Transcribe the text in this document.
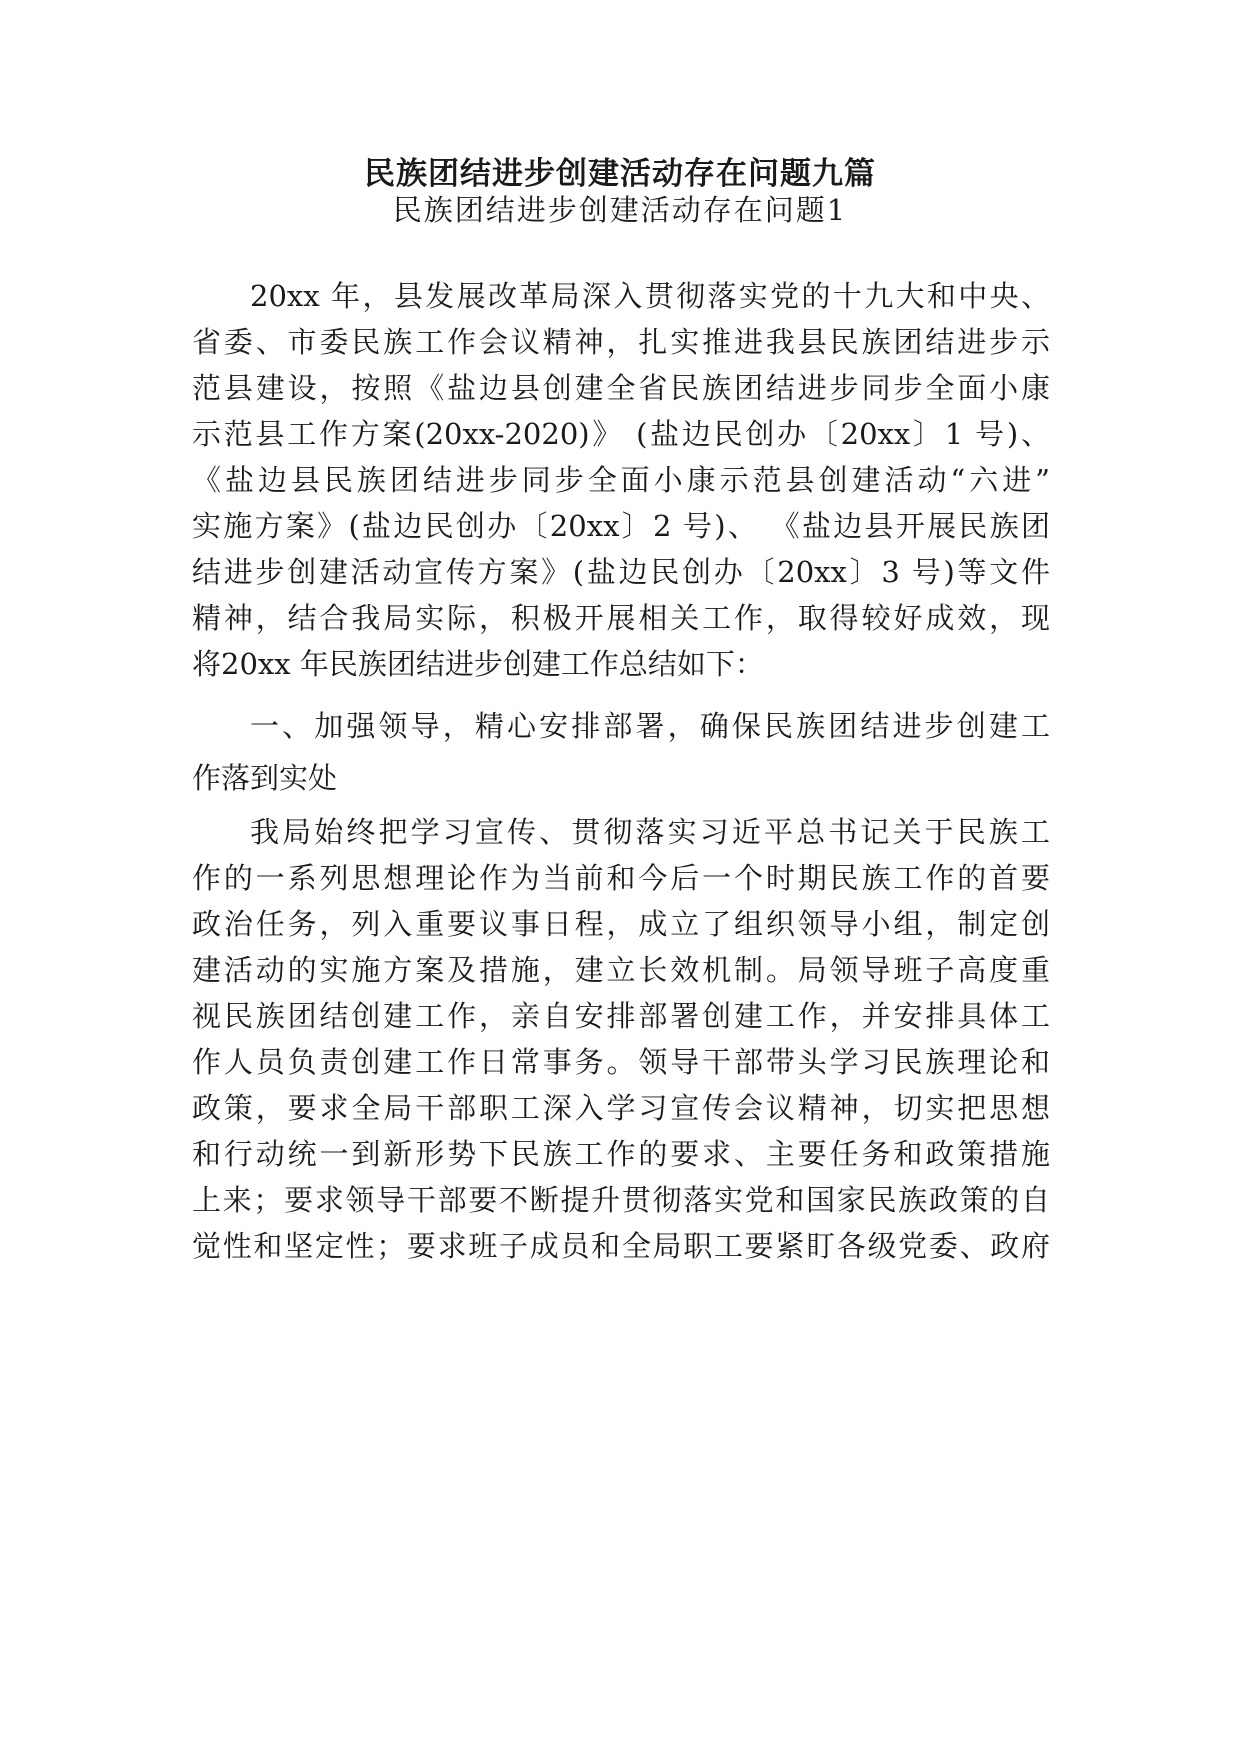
民族团结进步创建活动存在问题九篇
民族团结进步创建活动存在问题1
20xx 年，县发展改革局深入贯彻落实党的十九大和中央、
省委、市委民族工作会议精神，扎实推进我县民族团结进步示
范县建设，按照《盐边县创建全省民族团结进步同步全面小康
示范县工作方案(20xx-2020)》 (盐边民创办〔20xx〕1 号)、
《盐边县民族团结进步同步全面小康示范县创建活动“六进”
实施方案》(盐边民创办〔20xx〕2 号)、 《盐边县开展民族团
结进步创建活动宣传方案》(盐边民创办〔20xx〕3 号)等文件
精神，结合我局实际，积极开展相关工作，取得较好成效，现
将20xx 年民族团结进步创建工作总结如下：
一、加强领导，精心安排部署，确保民族团结进步创建工
作落到实处
我局始终把学习宣传、贯彻落实习近平总书记关于民族工
作的一系列思想理论作为当前和今后一个时期民族工作的首要
政治任务，列入重要议事日程，成立了组织领导小组，制定创
建活动的实施方案及措施，建立长效机制。局领导班子高度重
视民族团结创建工作，亲自安排部署创建工作，并安排具体工
作人员负责创建工作日常事务。领导干部带头学习民族理论和
政策，要求全局干部职工深入学习宣传会议精神，切实把思想
和行动统一到新形势下民族工作的要求、主要任务和政策措施
上来；要求领导干部要不断提升贯彻落实党和国家民族政策的自
觉性和坚定性；要求班子成员和全局职工要紧盯各级党委、政府
